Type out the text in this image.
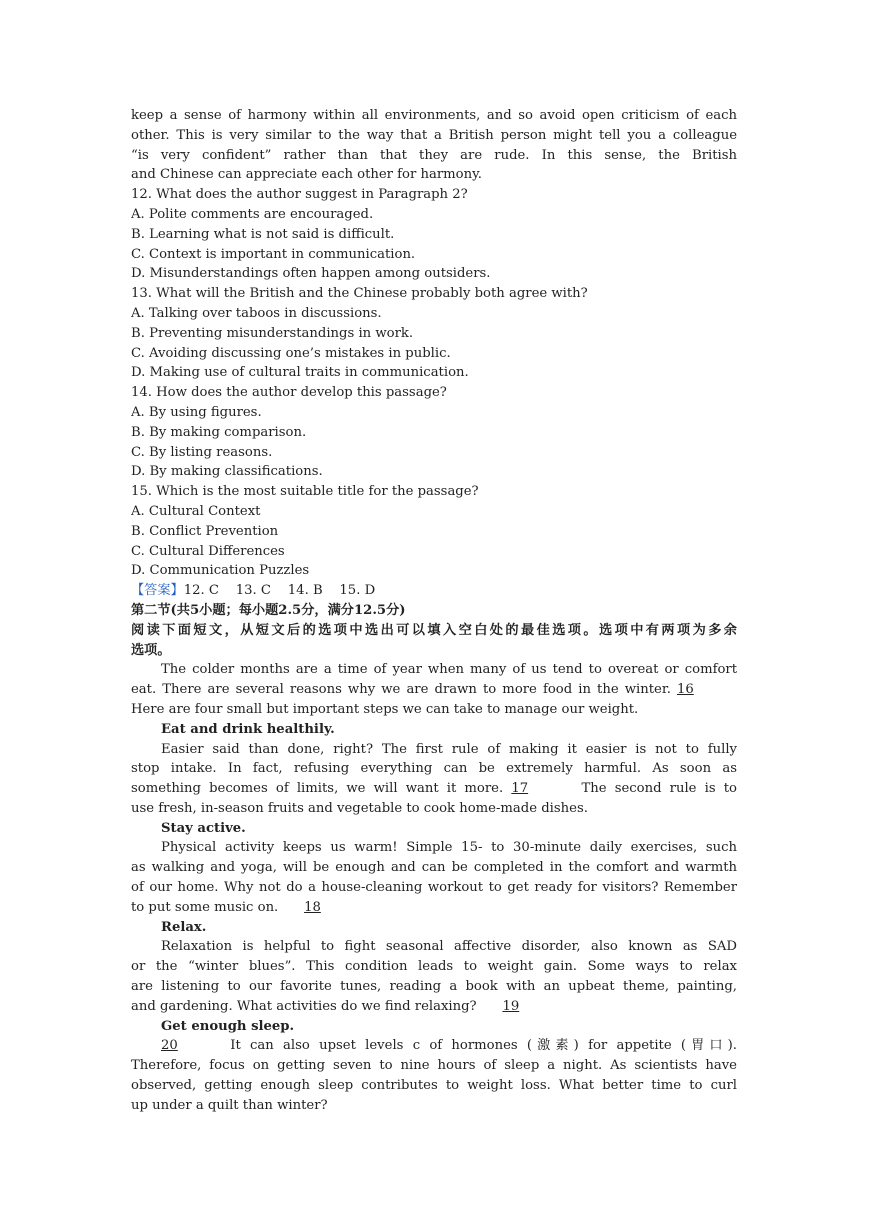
keep a sense of harmony within all environments, and so avoid open criticism of each
other. This is very similar to the way that a British person might tell you a colleague
“is very confident” rather than that they are rude. In this sense, the British
and Chinese can appreciate each other for harmony.
12. What does the author suggest in Paragraph 2?
A. Polite comments are encouraged.
B. Learning what is not said is difficult.
C. Context is important in communication.
D. Misunderstandings often happen among outsiders.
13. What will the British and the Chinese probably both agree with?
A. Talking over taboos in discussions.
B. Preventing misunderstandings in work.
C. Avoiding discussing one’s mistakes in public.
D. Making use of cultural traits in communication.
14. How does the author develop this passage?
A. By using figures.
B. By making comparison.
C. By listing reasons.
D. By making classifications.
15. Which is the most suitable title for the passage?
A. Cultural Context
B. Conflict Prevention
C. Cultural Differences
D. Communication Puzzles
【答案】12. C    13. C    14. B    15. D
第二节(共5小题；每小题2.5分，满分12.5分)
阅读下面短文，从短文后的选项中选出可以填入空白处的最佳选项。选项中有两项为多余
选项。
The colder months are a time of year when many of us tend to overeat or comfort
eat. There are several reasons why we are drawn to more food in the winter. 16
Here are four small but important steps we can take to manage our weight.
Eat and drink healthily.
Easier said than done, right? The first rule of making it easier is not to fully
stop intake. In fact, refusing everything can be extremely harmful. As soon as
something becomes of limits, we will want it more. 17	The second rule is to
use fresh, in-season fruits and vegetable to cook home-made dishes.
Stay active.
Physical activity keeps us warm! Simple 15- to 30-minute daily exercises, such
as walking and yoga, will be enough and can be completed in the comfort and warmth
of our home. Why not do a house-cleaning workout to get ready for visitors? Remember
to put some music on. 18
Relax.
Relaxation is helpful to fight seasonal affective disorder, also known as SAD
or the “winter blues”. This condition leads to weight gain. Some ways to relax
are listening to our favorite tunes, reading a book with an upbeat theme, painting,
and gardening. What activities do we find relaxing? 19
Get enough sleep.
20	It can also upset levels c of hormones (激素) for appetite (胃口).
Therefore, focus on getting seven to nine hours of sleep a night. As scientists have
observed, getting enough sleep contributes to weight loss. What better time to curl
up under a quilt than winter?
